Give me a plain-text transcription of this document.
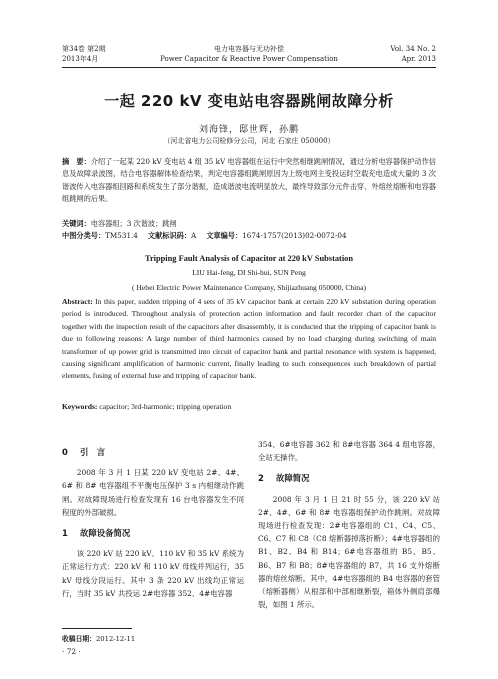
第34卷 第2期
2013年4月
电力电容器与无功补偿
Power Capacitor & Reactive Power Compensation
Vol. 34 No. 2
Apr. 2013
一起 220 kV 变电站电容器跳闸故障分析
刘海锋，邸世辉，孙鹏
（河北省电力公司检修分公司，河北 石家庄 050000）
摘　要：介绍了一起某 220 kV 变电站 4 组 35 kV 电容器组在运行中突然相继跳闸情况，通过分析电容器保护动作信息及故障录波图，结合电容器解体检查结果，判定电容器组跳闸原因为上级电网主变投运时空载充电造成大量的 3 次谐波传入电容器组回路和系统发生了部分谐振，造成谐波电流明显放大，最终导致部分元件击穿、外熔丝熔断和电容器组跳闸的后果。
关键词：电容器组；3 次谐波；跳闸
中图分类号：TM531.4 文献标识码：A 文章编号：1674-1757(2013)02-0072-04
Tripping Fault Analysis of Capacitor at 220 kV Substation
LIU Hai-feng, DI Shi-hui, SUN Peng
( Hebei Electric Power Maintenance Company, Shijiazhuang 050000, China)
Abstract: In this paper, sudden tripping of 4 sets of 35 kV capacitor bank at certain 220 kV substation during operation period is introduced. Throughout analysis of protection action information and fault recorder chart of the capacitor together with the inspection result of the capacitors after disassembly, it is conducted that the tripping of capacitor bank is due to following reasons: A large number of third harmonics caused by no load charging during switching of main transformer of up power grid is transmitted into circuit of capacitor bank and partial resonance with system is happened, causing significant amplification of harmonic current, finally leading to such consequences such breakdown of partial elements, fusing of external fuse and tripping of capacitor bank.
Keywords: capacitor; 3rd-harmonic; tripping operation
0 引　言

2008 年 3 月 1 日某 220 kV 变电站 2#、4#、6# 和 8# 电容器组不平衡电压保护 3 s 内相继动作跳闸。对故障现场进行检查发现有 16 台电容器发生不同程度的外部破损。

1 故障设备简况

该 220 kV 站 220 kV、110 kV 和 35 kV 系统为正常运行方式：220 kV 和 110 kV 母线并列运行，35 kV 母线分段运行。其中 3 条 220 kV 出线均正常运行，当时 35 kV 共投运 2#电容器 352、4#电容器

354、6#电容器 362 和 8#电容器 364 4 组电容器，全站无操作。

2 故障简况

2008 年 3 月 1 日 21 时 55 分，该 220 kV 站 2#、4#、6# 和 8# 电容器组保护动作跳闸。对故障现场进行检查发现：2#电容器组的 C1、C4、C5、C6、C7 和 C8（C8 熔断器掉落折断）；4#电容器组的 B1、B2、B4 和 B14；6#电容器组的 B5、B5、B6、B7 和 B8；8#电容器组的 B7，共 16 支外熔断器的熔丝熔断。其中，4#电容器组的 B4 电容器的套管（熔断器侧）从根部和中部相继断裂，箱体外侧肩部爆裂，如图 1 所示。

收稿日期：2012-12-11
· 72 ·
